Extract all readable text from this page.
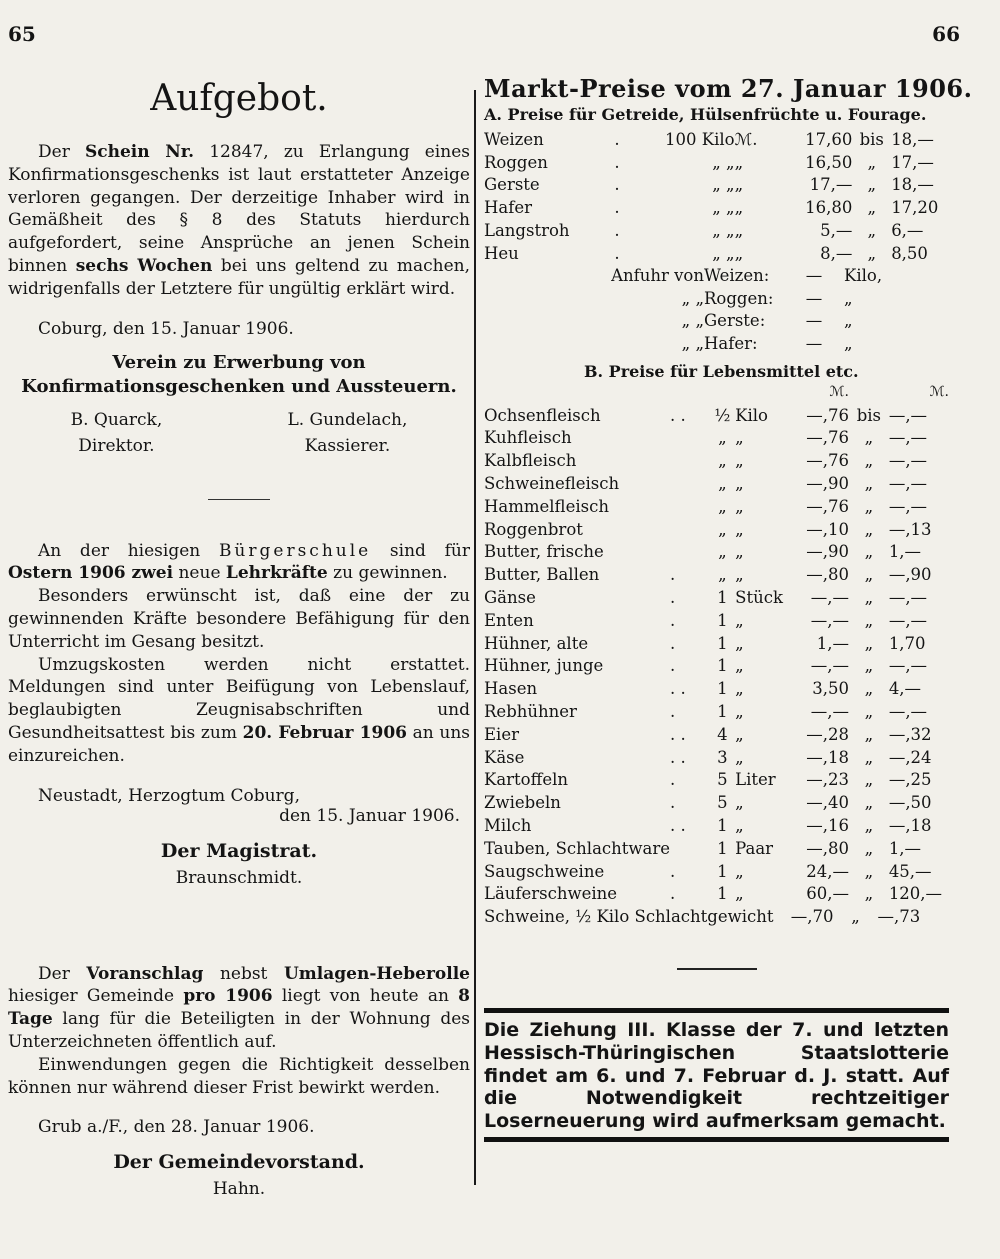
65	66
Aufgebot.

Der Schein Nr. 12847, zu Erlangung eines Konfirmationsgeschenks ist laut erstatteter Anzeige verloren gegangen. Der derzeitige Inhaber wird in Gemäßheit des § 8 des Statuts hierdurch aufgefordert, seine Ansprüche an jenen Schein binnen sechs Wochen bei uns geltend zu machen, widrigenfalls der Letztere für ungültig erklärt wird.

Coburg, den 15. Januar 1906.
Verein zu Erwerbung von Konfirmationsgeschenken und Aussteuern.
B. Quarck,
Direktor.
L. Gundelach,
Kassierer.

An der hiesigen Bürgerschule sind für Ostern 1906 zwei neue Lehrkräfte zu gewinnen.

Besonders erwünscht ist, daß eine der zu gewinnenden Kräfte besondere Befähigung für den Unterricht im Gesang besitzt.

Umzugskosten werden nicht erstattet. Meldungen sind unter Beifügung von Lebenslauf, beglaubigten Zeugnisabschriften und Gesundheitsattest bis zum 20. Februar 1906 an uns einzureichen.

Neustadt, Herzogtum Coburg,
den 15. Januar 1906.
Der Magistrat.
Braunschmidt.

Der Voranschlag nebst Umlagen-Heberolle hiesiger Gemeinde pro 1906 liegt von heute an 8 Tage lang für die Beteiligten in der Wohnung des Unterzeichneten öffentlich auf.

Einwendungen gegen die Richtigkeit desselben können nur während dieser Frist bewirkt werden.

Grub a./F., den 28. Januar 1906.
Der Gemeindevorstand.
Hahn.
Markt-Preise vom 27. Januar 1906.
A. Preise für Getreide, Hülsenfrüchte u. Fourage.
Weizen	.	100 Kilo	ℳ.	17,60	bis	18,—
Roggen	.	„ „	„	16,50	„	17,—
Gerste	.	„ „	„	17,—	„	18,—
Hafer	.	„ „	„	16,80	„	17,20
Langstroh	.	„ „	„	5,—	„	6,—
Heu	.	„ „	„	8,—	„	8,50
Anfuhr von Weizen:	—	Kilo,
„ „ Roggen:	—	„
„ „ Gerste:	—	„
„ „ Hafer:	—	„
B. Preise für Lebensmittel etc.
				ℳ.		ℳ.
Ochsenfleisch	. .	½	Kilo	—,76	bis	—,—
Kuhfleisch		„	„	—,76	„	—,—
Kalbfleisch		„	„	—,76	„	—,—
Schweinefleisch		„	„	—,90	„	—,—
Hammelfleisch		„	„	—,76	„	—,—
Roggenbrot		„	„	—,10	„	—,13
Butter, frische		„	„	—,90	„	1,—
Butter, Ballen	.	„	„	—,80	„	—,90
Gänse	.	1	Stück	—,—	„	—,—
Enten	.	1	„	—,—	„	—,—
Hühner, alte	.	1	„	1,—	„	1,70
Hühner, junge	.	1	„	—,—	„	—,—
Hasen	. .	1	„	3,50	„	4,—
Rebhühner	.	1	„	—,—	„	—,—
Eier	. .	4	„	—,28	„	—,32
Käse	. .	3	„	—,18	„	—,24
Kartoffeln	.	5	Liter	—,23	„	—,25
Zwiebeln	.	5	„	—,40	„	—,50
Milch	. .	1	„	—,16	„	—,18
Tauben, Schlachtware		1	Paar	—,80	„	1,—
Saugschweine	.	1	„	24,—	„	45,—
Läuferschweine	.	1	„	60,—	„	120,—
Schweine, ½ Kilo Schlachtgewicht	—,70	„	—,73
Die Ziehung III. Klasse der 7. und letzten Hessisch-Thüringischen Staatslotterie findet am 6. und 7. Februar d. J. statt. Auf die Notwendigkeit rechtzeitiger Loserneuerung wird aufmerksam gemacht.
